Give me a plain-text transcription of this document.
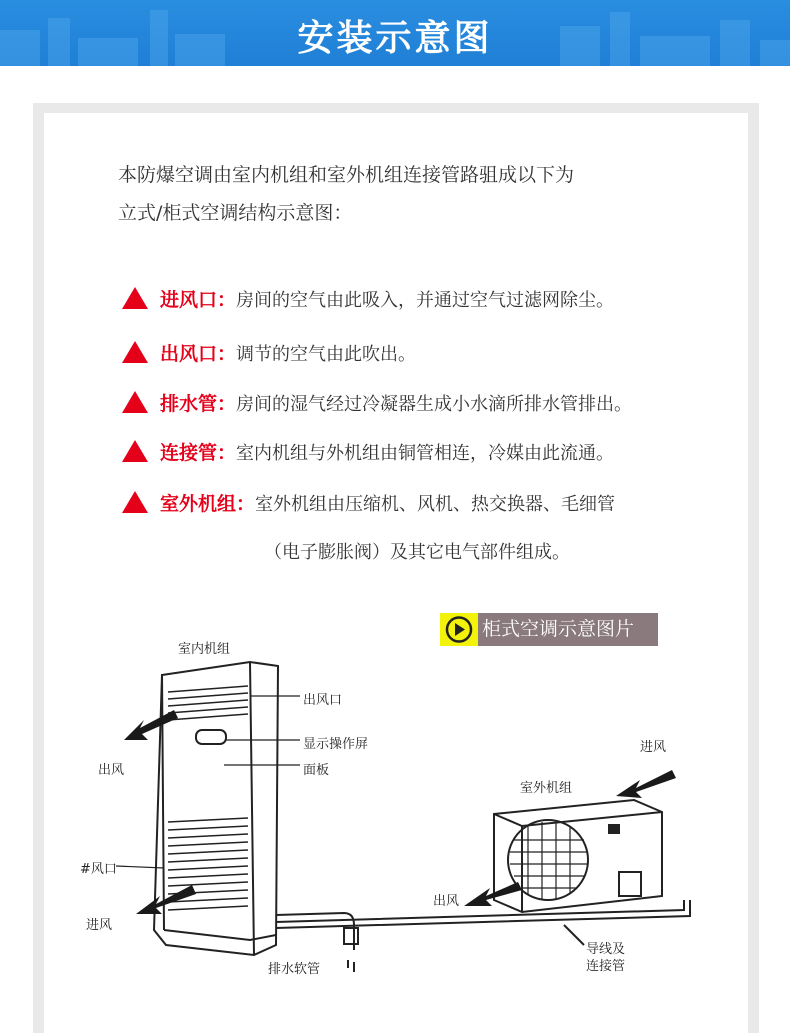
安装示意图

本防爆空调由室内机组和室外机组连接管路驵成以下为

立式/柜式空调结构示意图：

进风口：房间的空气由此吸入，并通过空气过滤网除尘。
出风口：调节的空气由此吹出。
排水管：房间的湿气经过冷凝器生成小水滴所排水管排出。
连接管：室内机组与外机组由铜管相连，冷媒由此流通。
室外机组：室外机组由压缩机、风机、热交换器、毛细管
（电子膨胀阀）及其它电气部件组成。
柜式空调示意图片
室内机组
出风口
显示操作屏
面板
出风
#风口
进风
排水软管
室外机组
进风
出风
导线及
连接管
